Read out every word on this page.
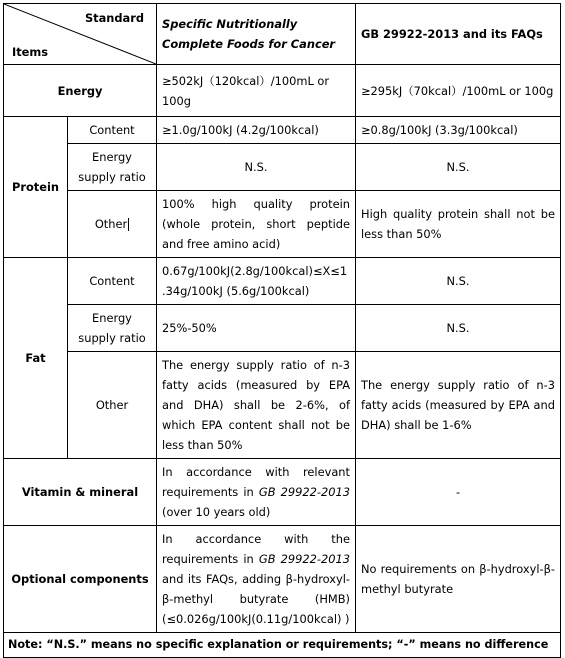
Standard
Items		Specific Nutritionally Complete Foods for Cancer	GB 29922-2013 and its FAQs
Energy		≥502kJ（120kcal）/100mL or 100g	≥295kJ（70kcal）/100mL or 100g
Protein	Content	≥1.0g/100kJ (4.2g/100kcal)	≥0.8g/100kJ (3.3g/100kcal)
	Energy supply ratio	N.S.	N.S.
	Other	100% high quality protein (whole protein, short peptide and free amino acid)	High quality protein shall not be less than 50%
Fat	Content	0.67g/100kJ(2.8g/100kcal)≤X≤1.34g/100kJ (5.6g/100kcal)	N.S.
	Energy supply ratio	25%-50%	N.S.
	Other	The energy supply ratio of n-3 fatty acids (measured by EPA and DHA) shall be 2-6%, of which EPA content shall not be less than 50%	The energy supply ratio of n-3 fatty acids (measured by EPA and DHA) shall be 1-6%
Vitamin & mineral		In accordance with relevant requirements in GB 29922-2013 (over 10 years old)	-
Optional components		In accordance with the requirements in GB 29922-2013 and its FAQs, adding β-hydroxyl-β-methyl butyrate (HMB) (≤0.026g/100kJ(0.11g/100kcal) )	No requirements on β-hydroxyl-β-methyl butyrate
Note: “N.S.” means no specific explanation or requirements; “-” means no difference			
